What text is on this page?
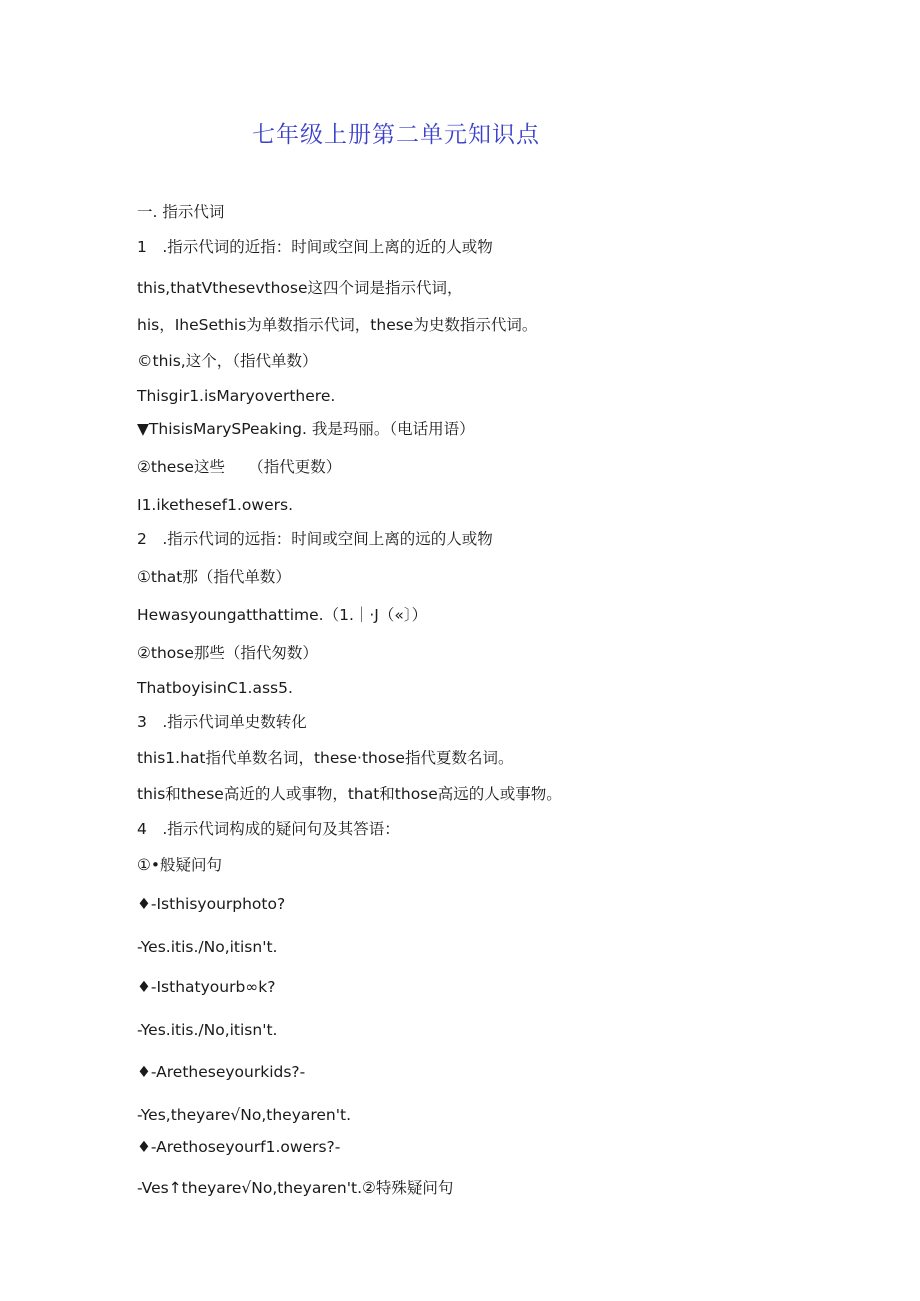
七年级上册第二单元知识点
一. 指示代词
1　.指示代词的近指：时间或空间上离的近的人或物
this,thatVthesevthose这四个词是指示代词，
his，IheSethis为单数指示代词，these为史数指示代词。
©this,这个，（指代单数）
Thisgir1.isMaryoverthere.
▼ThisisMarySPeaking. 我是玛丽。（电话用语）
②these这些　　（指代更数）
I1.ikethesef1.owers.
2　.指示代词的远指：时间或空间上离的远的人或物
①that那（指代单数）
Hewasyoungatthattime.（1.｜·J（«〕）
②those那些（指代匆数）
ThatboyisinC1.ass5.
3　.指示代词单史数转化
this1.hat指代单数名词，these·those指代夏数名词。
this和these高近的人或事物，that和those高远的人或事物。
4　.指示代词构成的疑问句及其答语：
①•般疑问句
♦-Isthisyourphoto?
-Yes.itis./No,itisn't.
♦-Isthatyourb∞k?
-Yes.itis./No,itisn't.
♦-Aretheseyourkids?-
-Yes,theyare√No,theyaren't.
♦-Arethoseyourf1.owers?-
-Ves↑theyare√No,theyaren't.②特殊疑问句
